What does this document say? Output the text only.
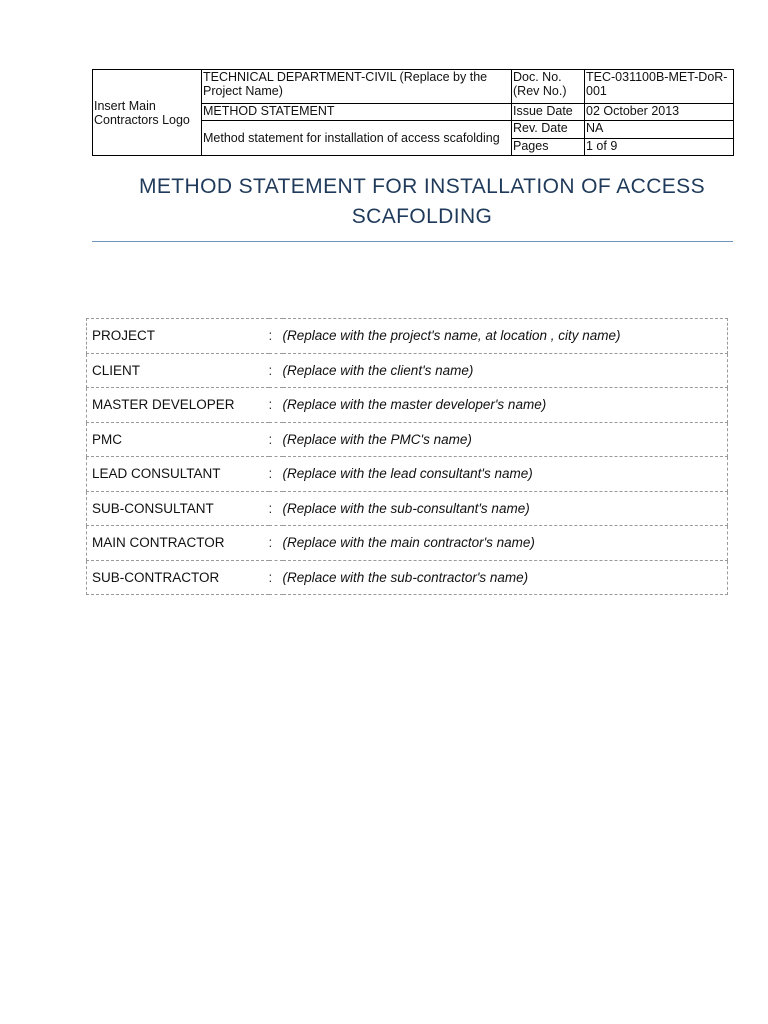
Insert Main
Contractors Logo	TECHNICAL DEPARTMENT-CIVIL (Replace by the Project Name)	Doc. No. (Rev No.)	TEC-031100B-MET-DoR-001
	METHOD STATEMENT	Issue Date	02 October 2013
	Method statement for installation of access scafolding	Rev. Date	NA
		Pages	1 of 9
METHOD STATEMENT FOR INSTALLATION OF ACCESS SCAFOLDING
PROJECT	:	(Replace with the project's name, at location , city name)
CLIENT	:	(Replace with the client's name)
MASTER DEVELOPER	:	(Replace with the master developer's name)
PMC	:	(Replace with the PMC's name)
LEAD CONSULTANT	:	(Replace with the lead consultant's name)
SUB-CONSULTANT	:	(Replace with the sub-consultant's name)
MAIN CONTRACTOR	:	(Replace with the main contractor's name)
SUB-CONTRACTOR	:	(Replace with the sub-contractor's name)
